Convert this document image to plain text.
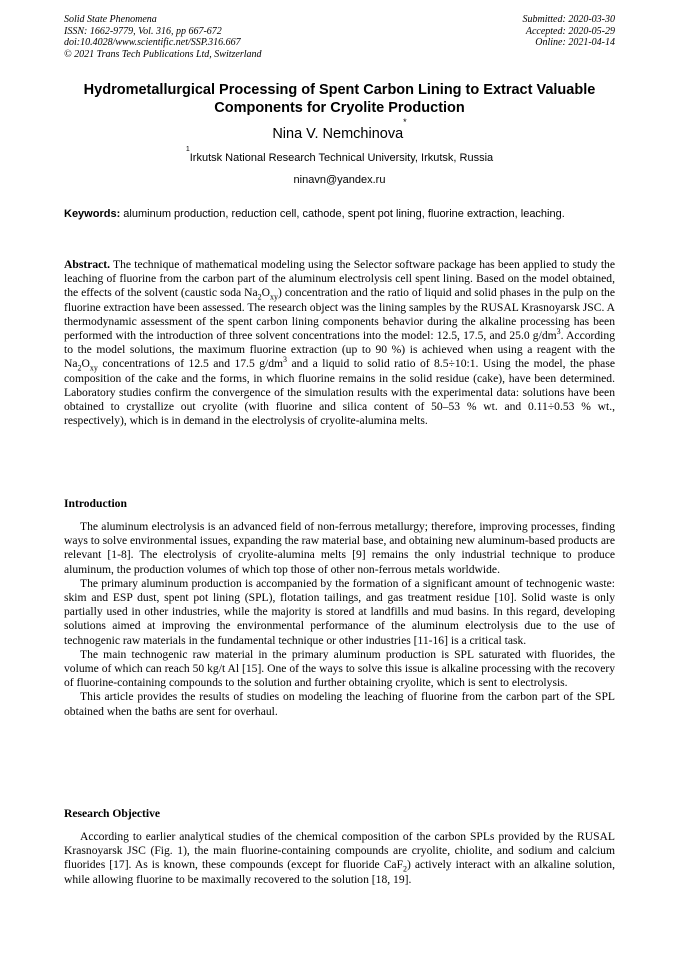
Solid State Phenomena
ISSN: 1662-9779, Vol. 316, pp 667-672
doi:10.4028/www.scientific.net/SSP.316.667
© 2021 Trans Tech Publications Ltd, Switzerland
Submitted: 2020-03-30
Accepted: 2020-05-29
Online: 2021-04-14
Hydrometallurgical Processing of Spent Carbon Lining to Extract Valuable Components for Cryolite Production
Nina V. Nemchinova*
$^1$Irkutsk National Research Technical University, Irkutsk, Russia
ninavn@yandex.ru
Keywords: aluminum production, reduction cell, cathode, spent pot lining, fluorine extraction, leaching.
Abstract. The technique of mathematical modeling using the Selector software package has been applied to study the leaching of fluorine from the carbon part of the aluminum electrolysis cell spent lining. Based on the model obtained, the effects of the solvent (caustic soda $Na_2O_{xy}$) concentration and the ratio of liquid and solid phases in the pulp on the fluorine extraction have been assessed. The research object was the lining samples by the RUSAL Krasnoyarsk JSC. A thermodynamic assessment of the spent carbon lining components behavior during the alkaline processing has been performed with the introduction of three solvent concentrations into the model: 12.5, 17.5, and 25.0 $g/dm^3$. According to the model solutions, the maximum fluorine extraction (up to 90 %) is achieved when using a reagent with the $Na_2O_{xy}$ concentrations of 12.5 and 17.5 $g/dm^3$ and a liquid to solid ratio of 8.5÷10:1. Using the model, the phase composition of the cake and the forms, in which fluorine remains in the solid residue (cake), have been determined. Laboratory studies confirm the convergence of the simulation results with the experimental data: solutions have been obtained to crystallize out cryolite (with fluorine and silica content of 50–53 % wt. and 0.11÷0.53 % wt., respectively), which is in demand in the electrolysis of cryolite-alumina melts.
Introduction

The aluminum electrolysis is an advanced field of non-ferrous metallurgy; therefore, improving processes, finding ways to solve environmental issues, expanding the raw material base, and obtaining new aluminum-based products are relevant [1-8]. The electrolysis of cryolite-alumina melts [9] remains the only industrial technique to produce aluminum, the production volumes of which top those of other non-ferrous metals worldwide.

The primary aluminum production is accompanied by the formation of a significant amount of technogenic waste: skim and ESP dust, spent pot lining (SPL), flotation tailings, and gas treatment residue [10]. Solid waste is only partially used in other industries, while the majority is stored at landfills and mud basins. In this regard, developing solutions aimed at improving the environmental performance of the aluminum electrolysis due to the use of technogenic raw materials in the fundamental technique or other industries [11-16] is a critical task.

The main technogenic raw material in the primary aluminum production is SPL saturated with fluorides, the volume of which can reach 50 kg/t Al [15]. One of the ways to solve this issue is alkaline processing with the recovery of fluorine-containing compounds to the solution and further obtaining cryolite, which is sent to electrolysis.

This article provides the results of studies on modeling the leaching of fluorine from the carbon part of the SPL obtained when the baths are sent for overhaul.

Research Objective

According to earlier analytical studies of the chemical composition of the carbon SPLs provided by the RUSAL Krasnoyarsk JSC (Fig. 1), the main fluorine-containing compounds are cryolite, chiolite, and sodium and calcium fluorides [17]. As is known, these compounds (except for fluoride CaF$_2$) actively interact with an alkaline solution, while allowing fluorine to be maximally recovered to the solution [18, 19].
